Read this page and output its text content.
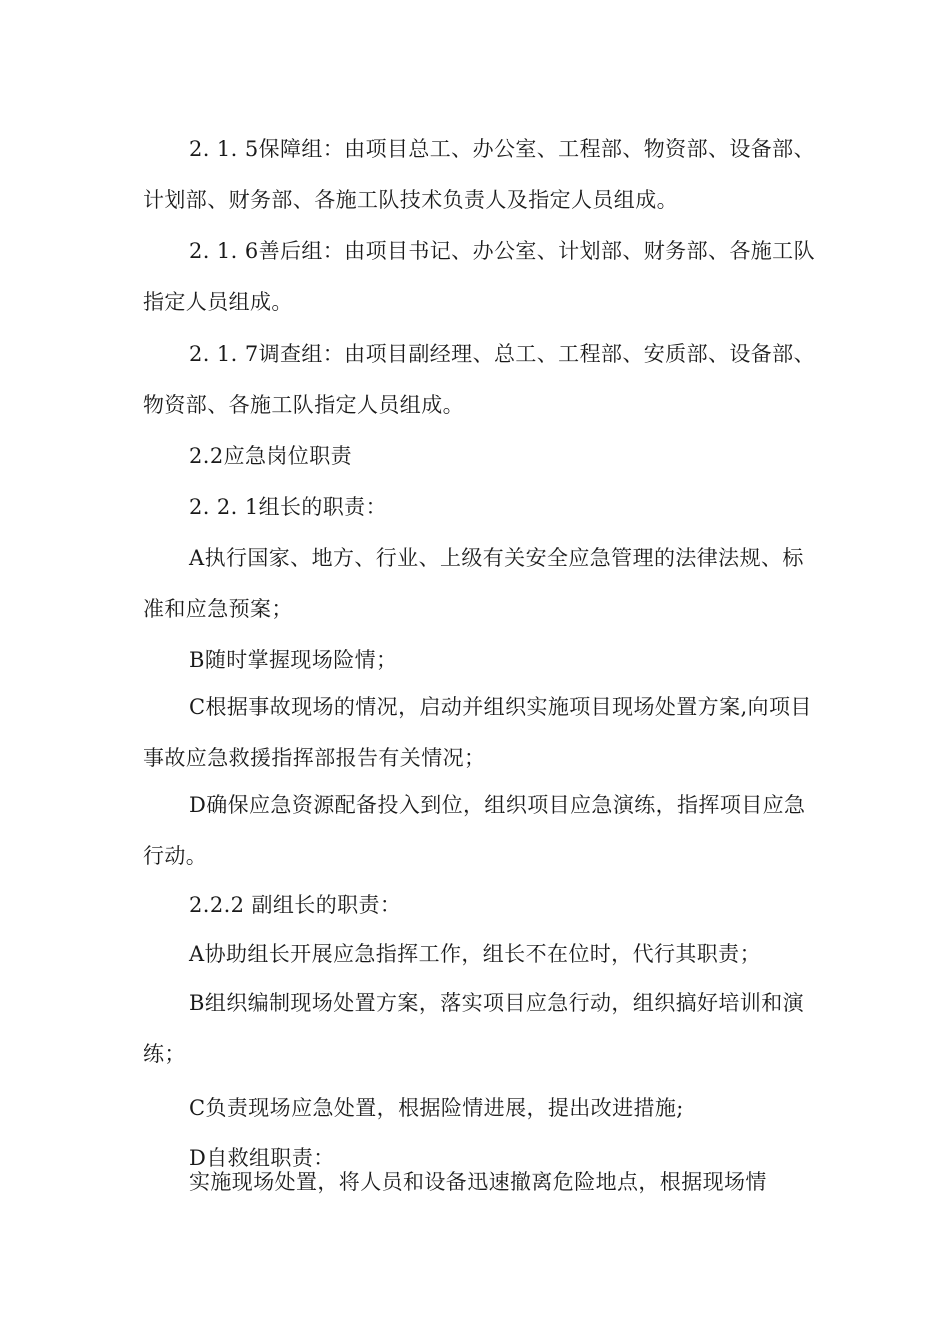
2. 1. 5保障组：由项目总工、办公室、工程部、物资部、设备部、计划部、财务部、各施工队技术负责人及指定人员组成。

2. 1. 6善后组：由项目书记、办公室、计划部、财务部、各施工队指定人员组成。

2. 1. 7调查组：由项目副经理、总工、工程部、安质部、设备部、物资部、各施工队指定人员组成。

2.2应急岗位职责

2. 2. 1组长的职责：

A执行国家、地方、行业、上级有关安全应急管理的法律法规、标准和应急预案；

B随时掌握现场险情；

C根据事故现场的情况，启动并组织实施项目现场处置方案,向项目事故应急救援指挥部报告有关情况；

D确保应急资源配备投入到位，组织项目应急演练，指挥项目应急行动。

2.2.2 副组长的职责：

A协助组长开展应急指挥工作，组长不在位时，代行其职责；

B组织编制现场处置方案，落实项目应急行动，组织搞好培训和演练；

C负责现场应急处置，根据险情进展，提出改进措施;

D自救组职责：

实施现场处置，将人员和设备迅速撤离危险地点，根据现场情
